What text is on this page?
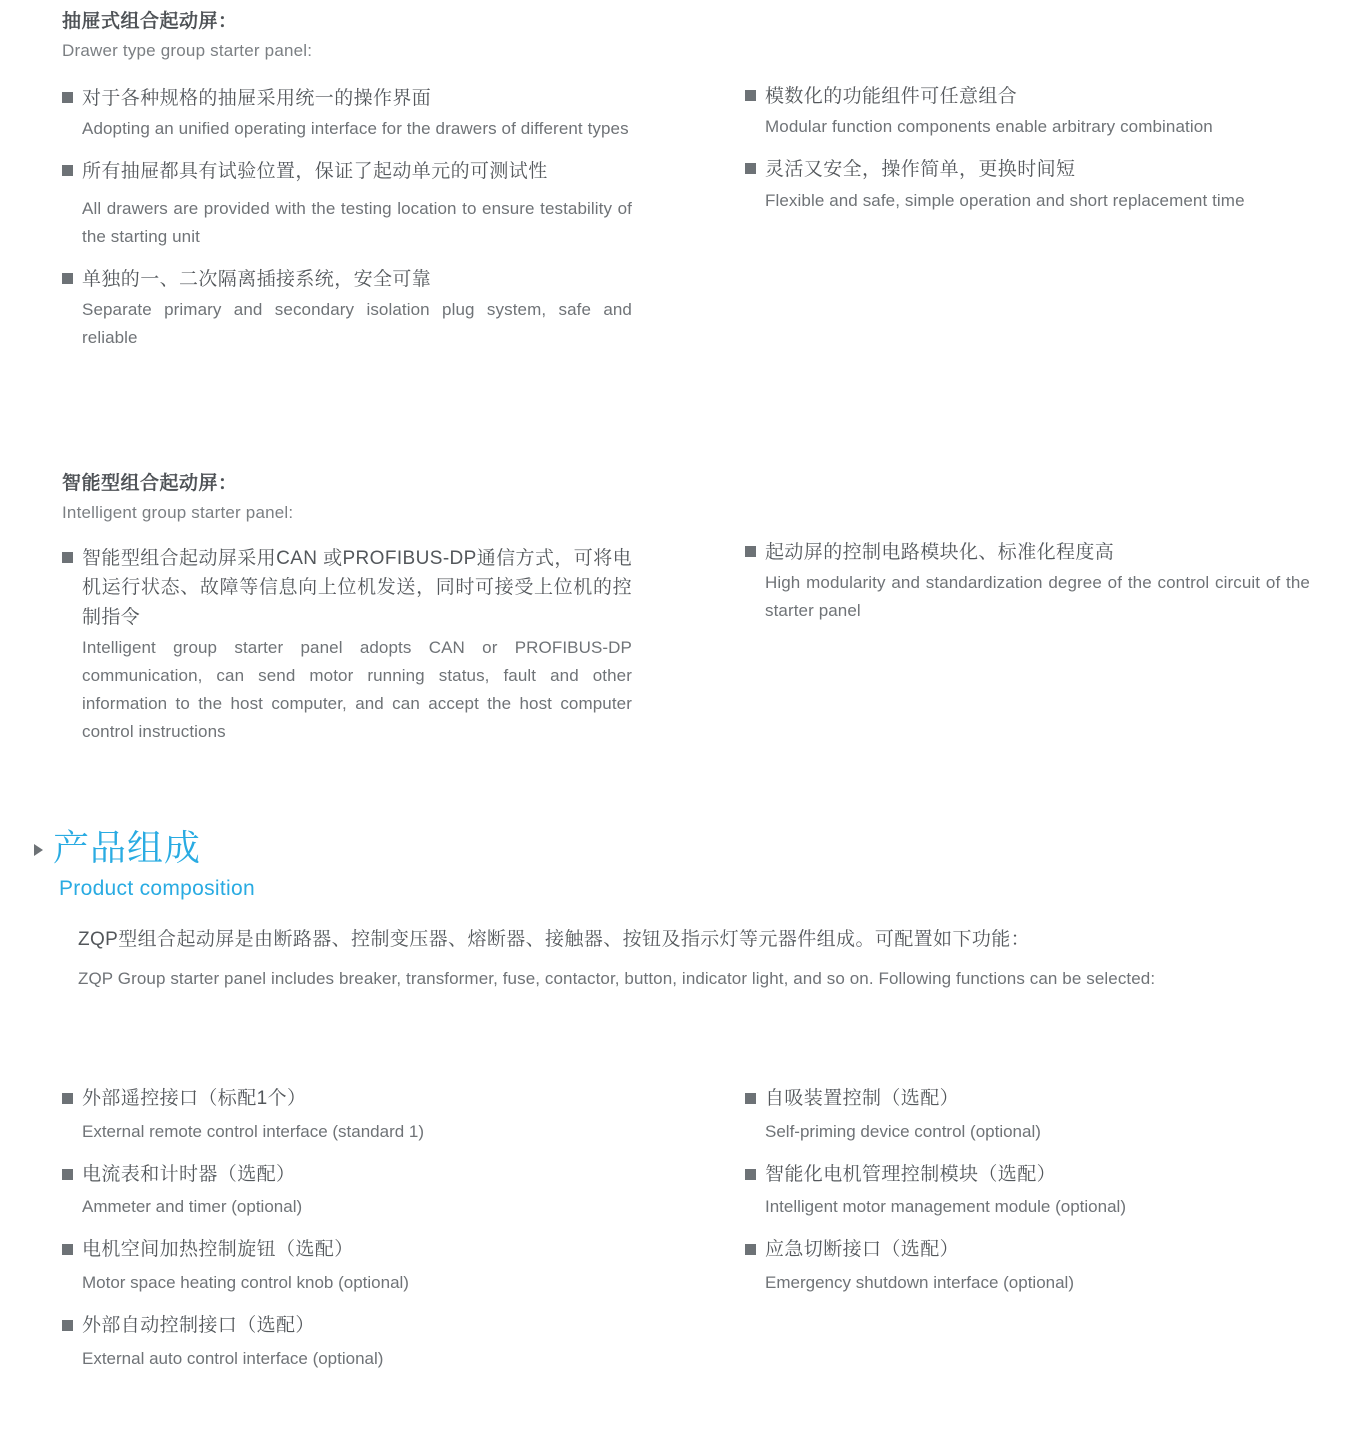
抽屉式组合起动屏：
Drawer type group starter panel:
对于各种规格的抽屉采用统一的操作界面
Adopting an unified operating interface for the drawers of different types
所有抽屉都具有试验位置，保证了起动单元的可测试性
All drawers are provided with the testing location to ensure testability of the starting unit
单独的一、二次隔离插接系统，安全可靠
Separate primary and secondary isolation plug system, safe and reliable
模数化的功能组件可任意组合
Modular function components enable arbitrary combination
灵活又安全，操作简单，更换时间短
Flexible and safe, simple operation and short replacement time
智能型组合起动屏：
Intelligent group starter panel:
智能型组合起动屏采用CAN 或PROFIBUS-DP通信方式，可将电机运行状态、故障等信息向上位机发送，同时可接受上位机的控制指令
Intelligent group starter panel adopts CAN or PROFIBUS-DP communication, can send motor running status, fault and other information to the host computer, and can accept the host computer control instructions
起动屏的控制电路模块化、标准化程度高
High modularity and standardization degree of the control circuit of the starter panel
产品组成
Product composition

ZQP型组合起动屏是由断路器、控制变压器、熔断器、接触器、按钮及指示灯等元器件组成。可配置如下功能：

ZQP Group starter panel includes breaker, transformer, fuse, contactor, button, indicator light, and so on. Following functions can be selected:

外部遥控接口（标配1个）
External remote control interface (standard 1)
电流表和计时器（选配）
Ammeter and timer (optional)
电机空间加热控制旋钮（选配）
Motor space heating control knob (optional)
外部自动控制接口（选配）
External auto control interface (optional)
自吸装置控制（选配）
Self-priming device control (optional)
智能化电机管理控制模块（选配）
Intelligent motor management module (optional)
应急切断接口（选配）
Emergency shutdown interface (optional)
